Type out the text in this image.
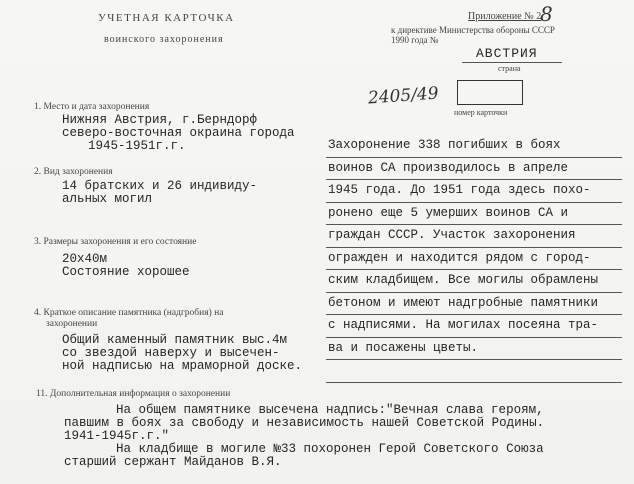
УЧЕТНАЯ КАРТОЧКА
воинского захоронения
Приложение № 2
8
к директиве Министерства обороны СССР
1990 года №
АВСТРИЯ
страна
2405/49
номер карточки
1. Место и дата захоронения
Нижняя Австрия, г.Берндорф
северо-восточная окраина города
1945-1951г.г.
2. Вид захоронения
14 братских и 26 индивиду-
альных могил
3. Размеры захоронения и его состояние
20х40м
Состояние хорошее
4. Краткое описание памятника (надгробия) на
захоронении
Общий каменный памятник выс.4м
со звездой наверху и высечен-
ной надписью на мраморной доске.
Захоронение 338 погибших в боях
воинов СА производилось в апреле
1945 года. До 1951 года здесь похо-
ронено еще 5 умерших воинов СА и
граждан СССР. Участок захоронения
огражден и находится рядом с город-
ским кладбищем. Все могилы обрамлены
бетоном и имеют надгробные памятники
с надписями. На могилах посеяна тра-
ва и посажены цветы.
11. Дополнительная информация о захоронении
На общем памятнике высечена надпись:"Вечная слава героям,
павшим в боях за свободу и независимость нашей Советской Родины.
1941-1945г.г."
На кладбище в могиле №33 похоронен Герой Советского Союза
старший сержант Майданов В.Я.
